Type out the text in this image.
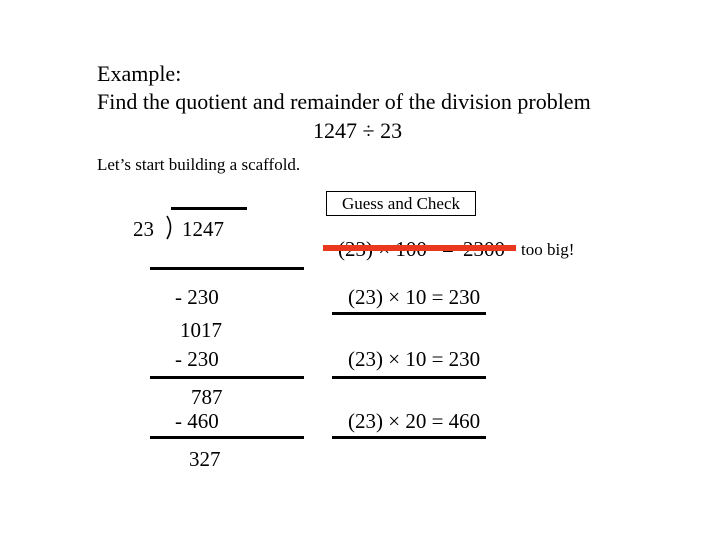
Example:
Find the quotient and remainder of the division problem
1247 ÷ 23
Let’s start building a scaffold.
23 1247
- 230
1017
- 230
787
- 460
327
Guess and Check
too big!
(23) × 10 = 230
(23) × 10 = 230
(23) × 20 = 460
